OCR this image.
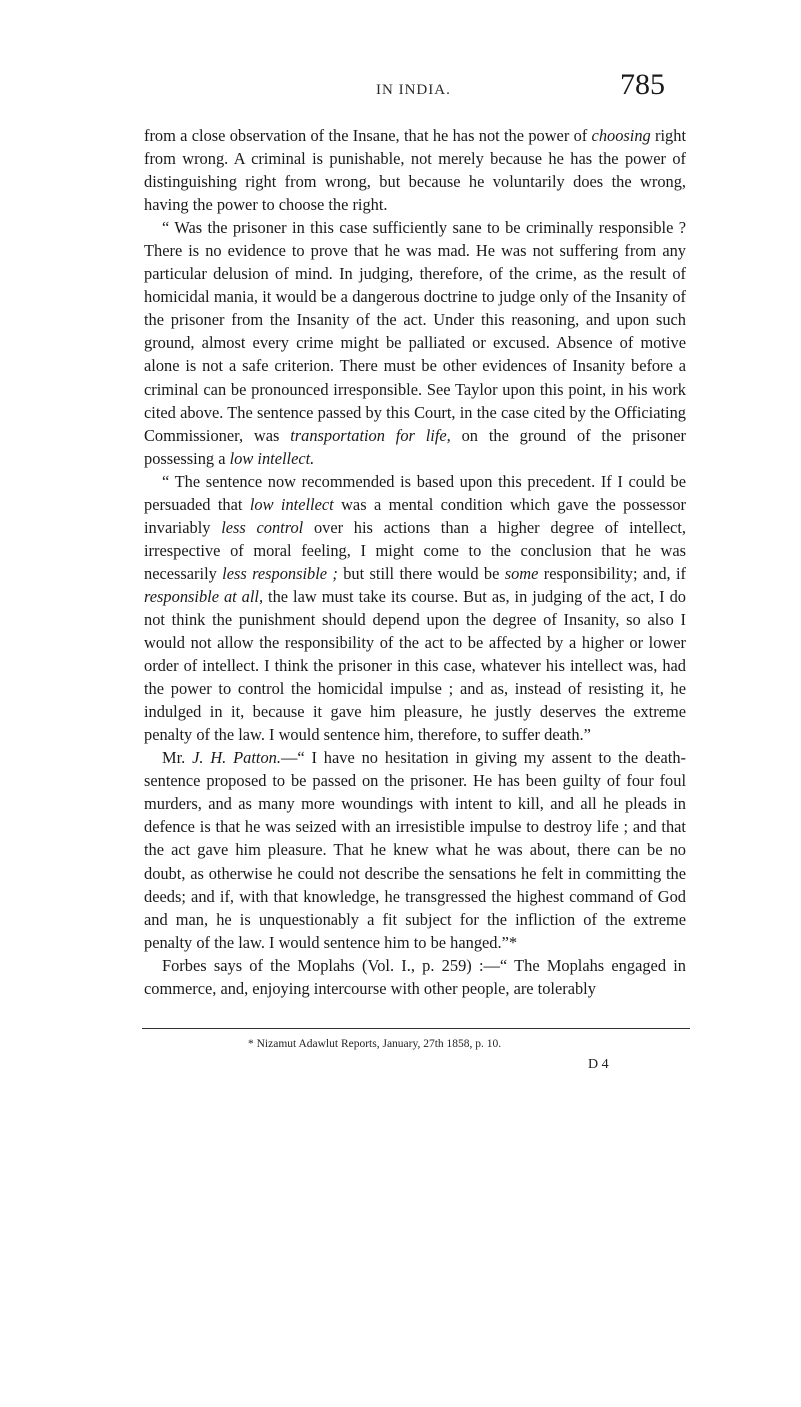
IN INDIA.	785

from a close observation of the Insane, that he has not the power of choosing right from wrong. A criminal is punishable, not merely because he has the power of distinguishing right from wrong, but because he voluntarily does the wrong, having the power to choose the right.

“ Was the prisoner in this case sufficiently sane to be criminally responsible ? There is no evidence to prove that he was mad. He was not suffering from any particular delusion of mind. In judging, therefore, of the crime, as the result of homicidal mania, it would be a dangerous doctrine to judge only of the Insanity of the prisoner from the Insanity of the act. Under this reasoning, and upon such ground, almost every crime might be palliated or excused. Absence of motive alone is not a safe criterion. There must be other evidences of Insanity before a criminal can be pronounced irresponsible. See Taylor upon this point, in his work cited above. The sentence passed by this Court, in the case cited by the Officiating Commissioner, was transportation for life, on the ground of the prisoner possessing a low intellect.

“ The sentence now recommended is based upon this precedent. If I could be persuaded that low intellect was a mental condition which gave the possessor invariably less control over his actions than a higher degree of intellect, irrespective of moral feeling, I might come to the conclusion that he was necessarily less responsible ; but still there would be some responsibility; and, if responsible at all, the law must take its course. But as, in judging of the act, I do not think the punishment should depend upon the degree of Insanity, so also I would not allow the responsibility of the act to be affected by a higher or lower order of intellect. I think the prisoner in this case, whatever his intellect was, had the power to control the homicidal impulse ; and as, instead of resisting it, he indulged in it, because it gave him pleasure, he justly deserves the extreme penalty of the law. I would sentence him, therefore, to suffer death.”

Mr. J. H. Patton.—“ I have no hesitation in giving my assent to the death-sentence proposed to be passed on the prisoner. He has been guilty of four foul murders, and as many more woundings with intent to kill, and all he pleads in defence is that he was seized with an irresistible impulse to destroy life ; and that the act gave him pleasure. That he knew what he was about, there can be no doubt, as otherwise he could not describe the sensations he felt in committing the deeds; and if, with that knowledge, he transgressed the highest command of God and man, he is unquestionably a fit subject for the infliction of the extreme penalty of the law. I would sentence him to be hanged.”*

Forbes says of the Moplahs (Vol. I., p. 259) :—“ The Moplahs engaged in commerce, and, enjoying intercourse with other people, are tolerably

* Nizamut Adawlut Reports, January, 27th 1858, p. 10.
D 4
